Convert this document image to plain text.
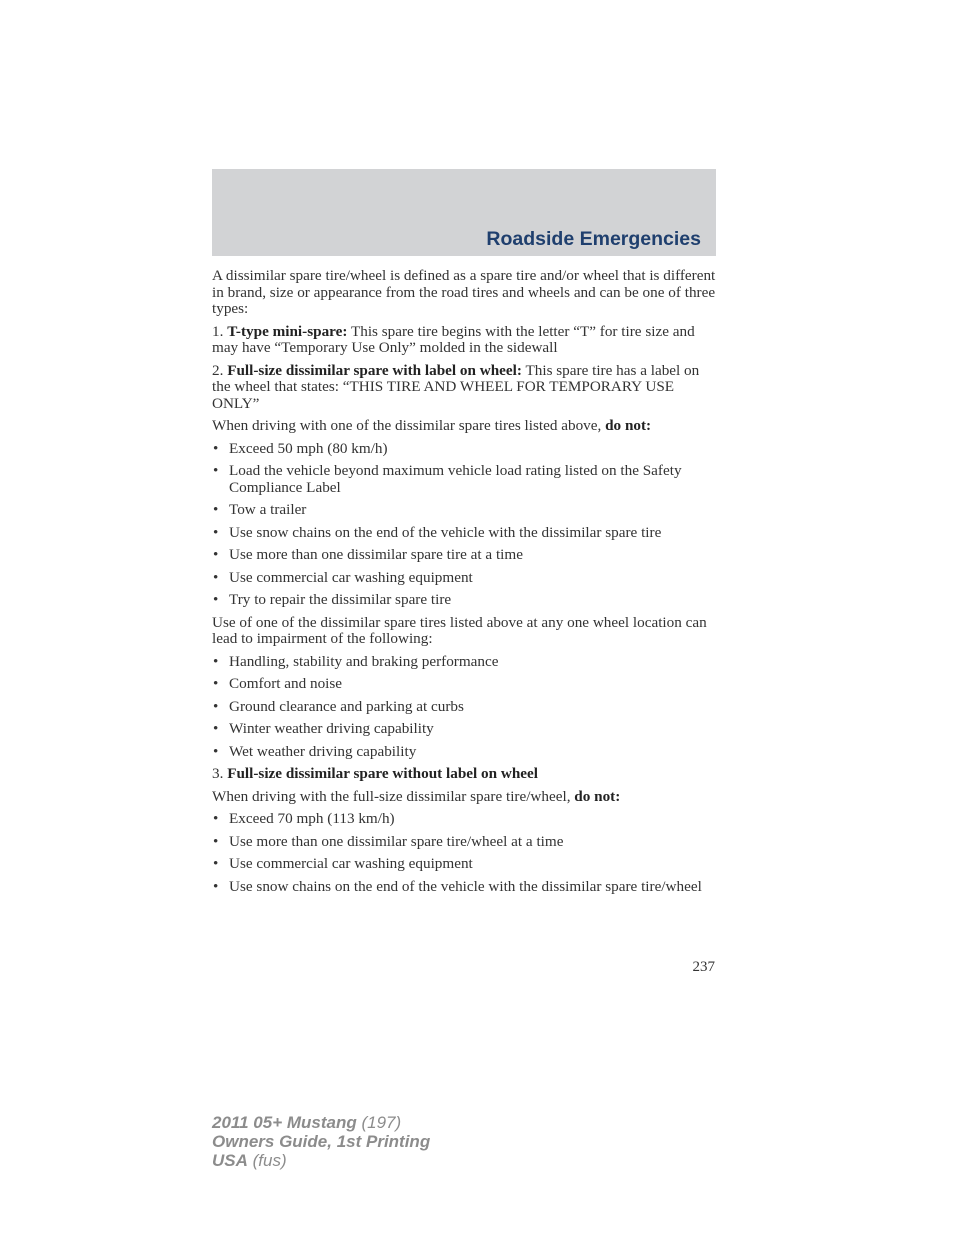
Roadside Emergencies

A dissimilar spare tire/wheel is defined as a spare tire and/or wheel that is different in brand, size or appearance from the road tires and wheels and can be one of three types:

1. T-type mini-spare: This spare tire begins with the letter “T” for tire size and may have “Temporary Use Only” molded in the sidewall

2. Full-size dissimilar spare with label on wheel: This spare tire has a label on the wheel that states: “THIS TIRE AND WHEEL FOR TEMPORARY USE ONLY”

When driving with one of the dissimilar spare tires listed above, do not:

• Exceed 50 mph (80 km/h)
• Load the vehicle beyond maximum vehicle load rating listed on the Safety Compliance Label
• Tow a trailer
• Use snow chains on the end of the vehicle with the dissimilar spare tire
• Use more than one dissimilar spare tire at a time
• Use commercial car washing equipment
• Try to repair the dissimilar spare tire

Use of one of the dissimilar spare tires listed above at any one wheel location can lead to impairment of the following:

• Handling, stability and braking performance
• Comfort and noise
• Ground clearance and parking at curbs
• Winter weather driving capability
• Wet weather driving capability

3. Full-size dissimilar spare without label on wheel

When driving with the full-size dissimilar spare tire/wheel, do not:

• Exceed 70 mph (113 km/h)
• Use more than one dissimilar spare tire/wheel at a time
• Use commercial car washing equipment
• Use snow chains on the end of the vehicle with the dissimilar spare tire/wheel
237
2011 05+ Mustang (197)
Owners Guide, 1st Printing
USA (fus)
